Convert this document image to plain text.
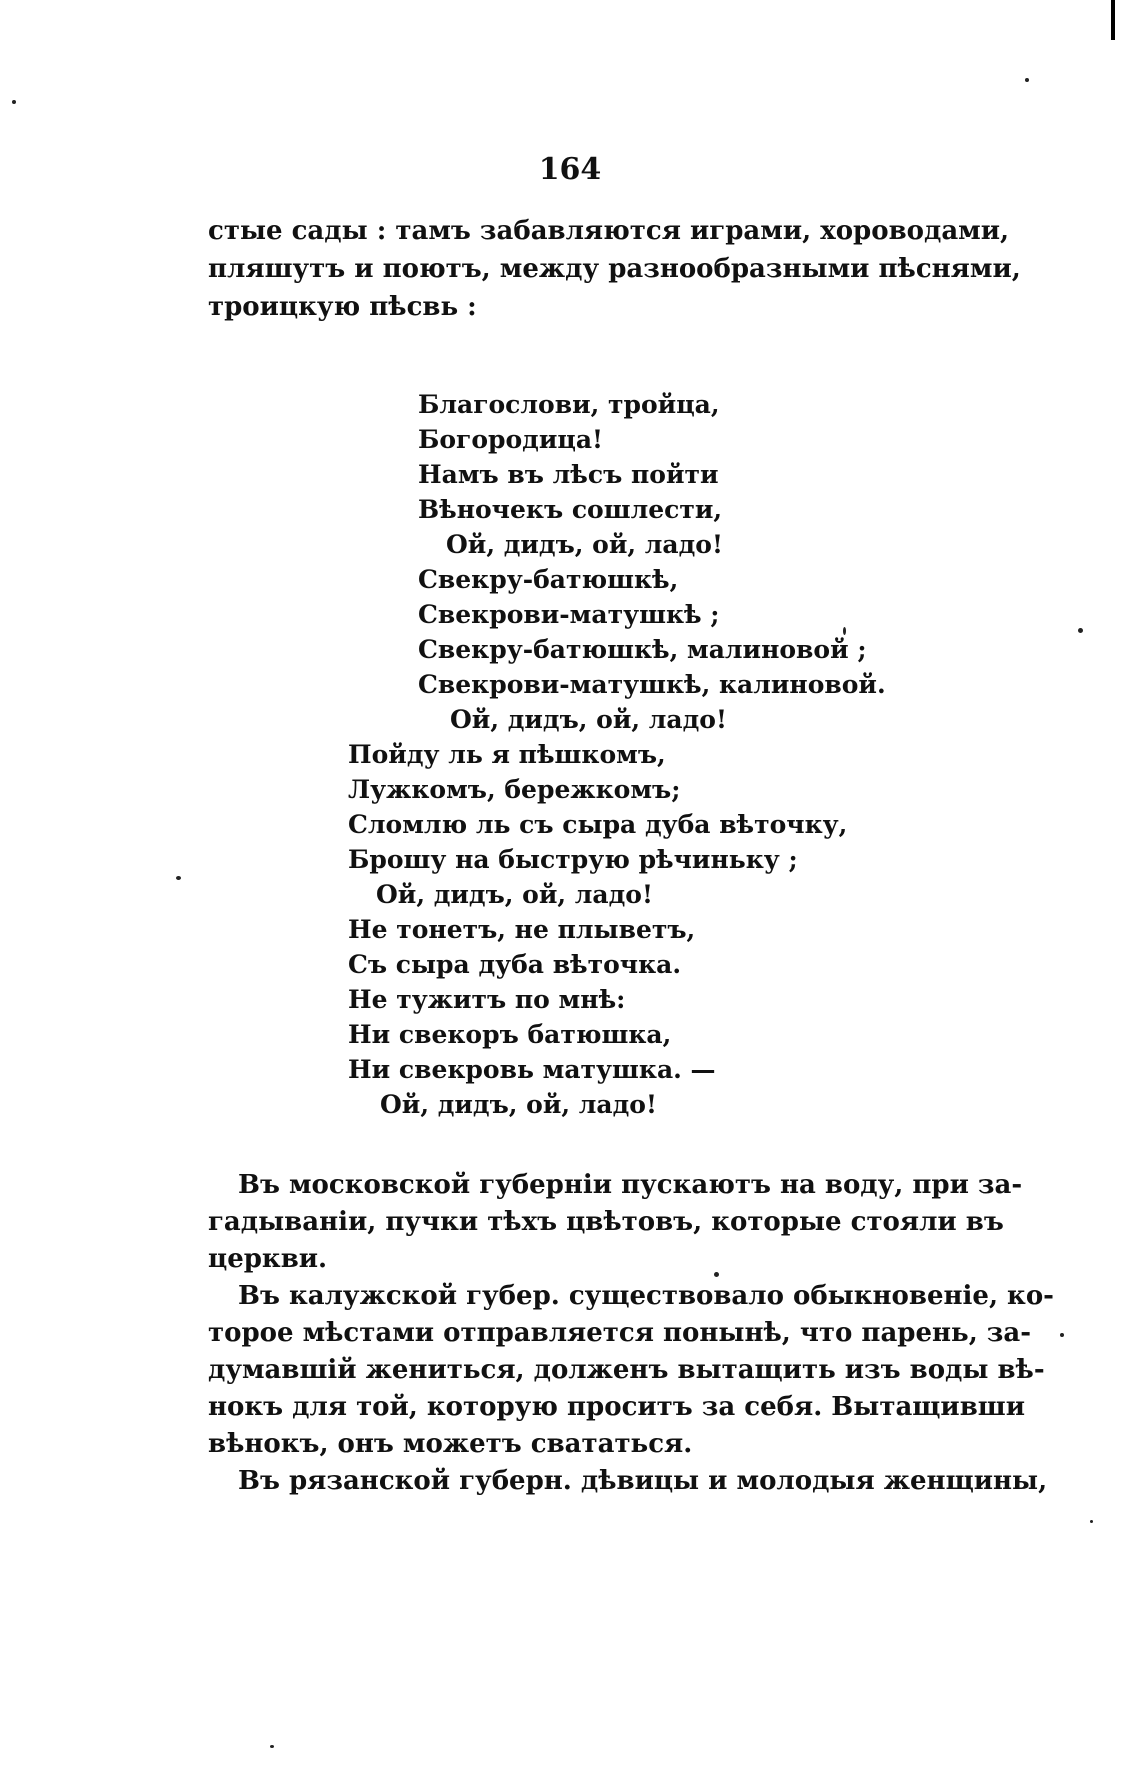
164
стые сады : тамъ забавляются играми, хороводами,
пляшутъ и поютъ, между разнообразными пѣснями,
троицкую пѣсвь :
Благослови, тройца,
Богородица!
Намъ въ лѣсъ пойти
Вѣночекъ сошлести,
Ой, дидъ, ой, ладо!
Свекру-батюшкѣ,
Свекрови-матушкѣ ;
Свекру-батюшкѣ, малиновой ;
Свекрови-матушкѣ, калиновой.
Ой, дидъ, ой, ладо!
Пойду ль я пѣшкомъ,
Лужкомъ, бережкомъ;
Сломлю ль съ сыра дуба вѣточку,
Брошу на быструю рѣчиньку ;
Ой, дидъ, ой, ладо!
Не тонетъ, не плыветъ,
Съ сыра дуба вѣточка.
Не тужитъ по мнѣ:
Ни свекоръ батюшка,
Ни свекровь матушка. —
Ой, дидъ, ой, ладо!
Въ московской губерніи пускаютъ на воду, при за-
гадываніи, пучки тѣхъ цвѣтовъ, которые стояли въ
церкви.
Въ калужской губер. существовало обыкновеніе, ко-
торое мѣстами отправляется понынѣ, что парень, за-
думавшій жениться, долженъ вытащить изъ воды вѣ-
нокъ для той, которую проситъ за себя. Вытащивши
вѣнокъ, онъ можетъ свататься.
Въ рязанской губерн. дѣвицы и молодыя женщины,
